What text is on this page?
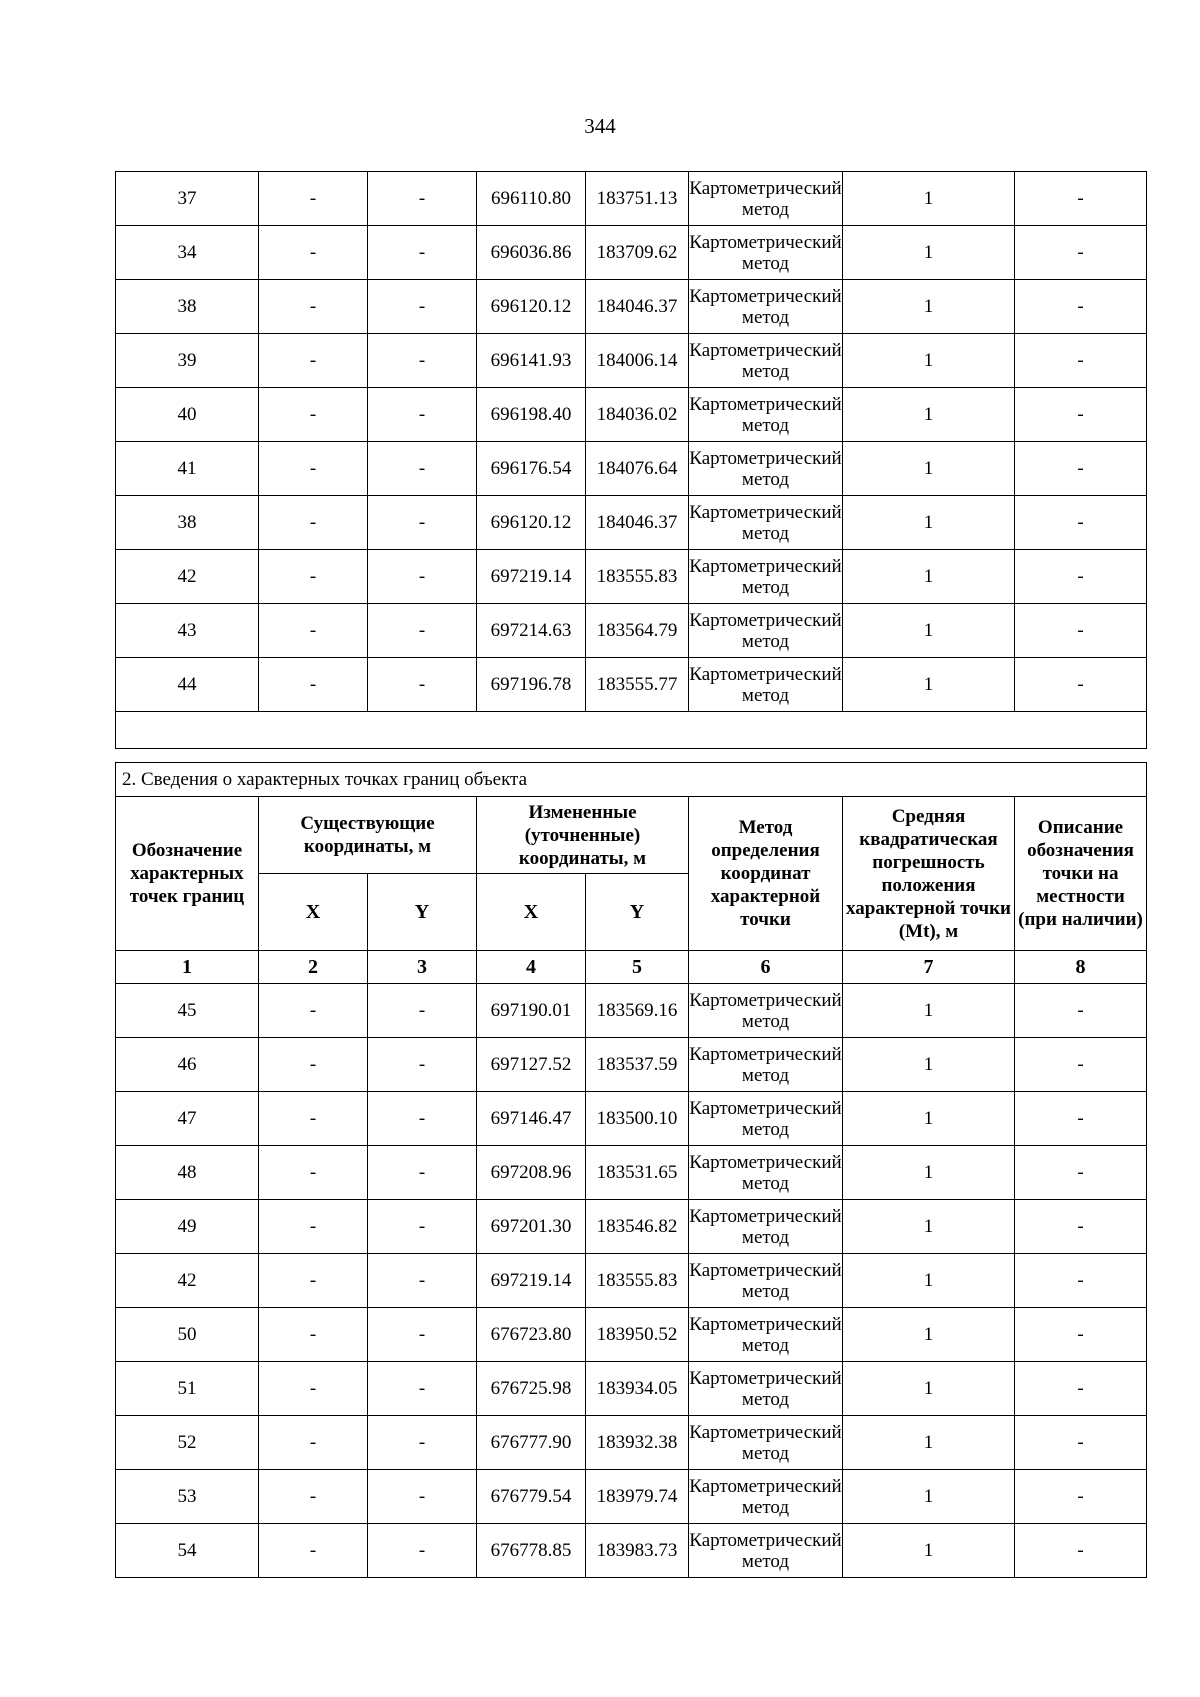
344
37	-	-	696110.80	183751.13	Картометрический метод	1	-
34	-	-	696036.86	183709.62	Картометрический метод	1	-
38	-	-	696120.12	184046.37	Картометрический метод	1	-
39	-	-	696141.93	184006.14	Картометрический метод	1	-
40	-	-	696198.40	184036.02	Картометрический метод	1	-
41	-	-	696176.54	184076.64	Картометрический метод	1	-
38	-	-	696120.12	184046.37	Картометрический метод	1	-
42	-	-	697219.14	183555.83	Картометрический метод	1	-
43	-	-	697214.63	183564.79	Картометрический метод	1	-
44	-	-	697196.78	183555.77	Картометрический метод	1	-

2. Сведения о характерных точках границ объекта							
Обозначение характерных точек границ	Существующие координаты, м		Измененные (уточненные) координаты, м		Метод определения координат характерной точки	Средняя квадратическая погрешность положения характерной точки (Mt), м	Описание обозначения точки на местности (при наличии)
	X	Y	X	Y			
1	2	3	4	5	6	7	8
45	-	-	697190.01	183569.16	Картометрический метод	1	-
46	-	-	697127.52	183537.59	Картометрический метод	1	-
47	-	-	697146.47	183500.10	Картометрический метод	1	-
48	-	-	697208.96	183531.65	Картометрический метод	1	-
49	-	-	697201.30	183546.82	Картометрический метод	1	-
42	-	-	697219.14	183555.83	Картометрический метод	1	-
50	-	-	676723.80	183950.52	Картометрический метод	1	-
51	-	-	676725.98	183934.05	Картометрический метод	1	-
52	-	-	676777.90	183932.38	Картометрический метод	1	-
53	-	-	676779.54	183979.74	Картометрический метод	1	-
54	-	-	676778.85	183983.73	Картометрический метод	1	-
